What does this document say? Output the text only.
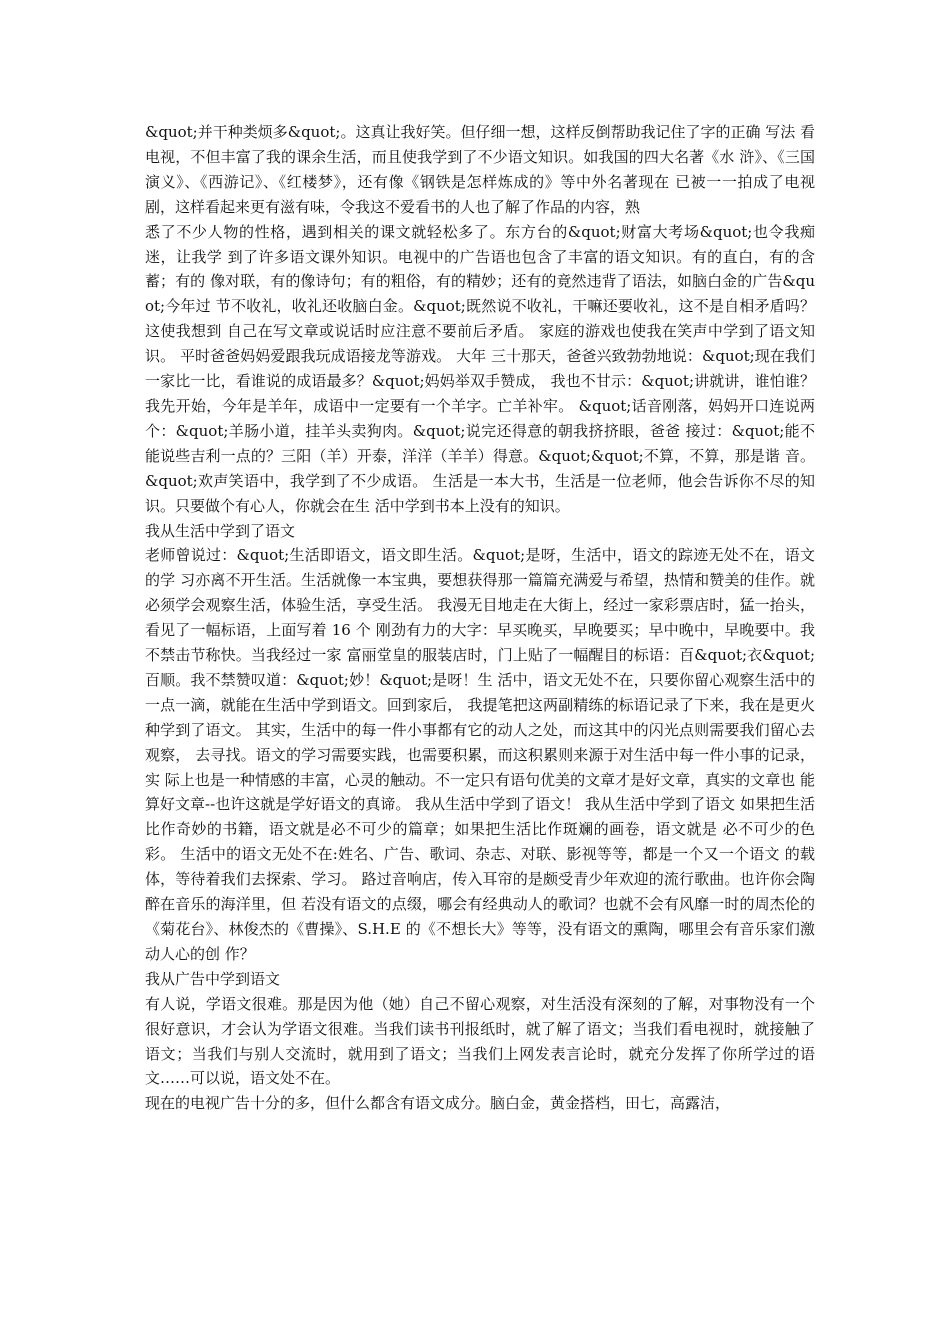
&quot;并干种类烦多&quot;。这真让我好笑。但仔细一想，这样反倒帮助我记住了字的正确 写法 看电视，不但丰富了我的课余生活，而且使我学到了不少语文知识。如我国的四大名著《水 浒》、《三国演义》、《西游记》、《红楼梦》，还有像《钢铁是怎样炼成的》等中外名著现在 已被一一拍成了电视剧，这样看起来更有滋有味，令我这不爱看书的人也了解了作品的内容，熟

悉了不少人物的性格，遇到相关的课文就轻松多了。东方台的&quot;财富大考场&quot;也令我痴迷，让我学 到了许多语文课外知识。电视中的广告语也包含了丰富的语文知识。有的直白，有的含蓄；有的 像对联，有的像诗句；有的粗俗，有的精妙；还有的竟然违背了语法，如脑白金的广告&quot;今年过 节不收礼，收礼还收脑白金。&quot;既然说不收礼，干嘛还要收礼，这不是自相矛盾吗？这使我想到 自己在写文章或说话时应注意不要前后矛盾。 家庭的游戏也使我在笑声中学到了语文知识。 平时爸爸妈妈爱跟我玩成语接龙等游戏。 大年 三十那天，爸爸兴致勃勃地说：&quot;现在我们一家比一比，看谁说的成语最多？&quot;妈妈举双手赞成， 我也不甘示：&quot;讲就讲，谁怕谁？我先开始，今年是羊年，成语中一定要有一个羊字。亡羊补牢。 &quot;话音刚落，妈妈开口连说两个：&quot;羊肠小道，挂羊头卖狗肉。&quot;说完还得意的朝我挤挤眼，爸爸 接过：&quot;能不能说些吉利一点的？三阳（羊）开泰，洋洋（羊羊）得意。&quot;&quot;不算，不算，那是谐 音。&quot;欢声笑语中，我学到了不少成语。 生活是一本大书，生活是一位老师，他会告诉你不尽的知识。只要做个有心人，你就会在生 活中学到书本上没有的知识。

我从生活中学到了语文

老师曾说过：&quot;生活即语文，语文即生活。&quot;是呀，生活中，语文的踪迹无处不在，语文的学 习亦离不开生活。生活就像一本宝典，要想获得那一篇篇充满爱与希望，热情和赞美的佳作。就 必须学会观察生活，体验生活，享受生活。 我漫无目地走在大街上，经过一家彩票店时，猛一抬头，看见了一幅标语，上面写着 16 个 刚劲有力的大字：早买晚买，早晚要买；早中晚中，早晚要中。我不禁击节称快。当我经过一家 富丽堂皇的服装店时，门上贴了一幅醒目的标语：百&quot;衣&quot;百顺。我不禁赞叹道：&quot;妙！&quot;是呀！生 活中，语文无处不在，只要你留心观察生活中的一点一滴，就能在生活中学到语文。回到家后， 我提笔把这两副精练的标语记录了下来，我在是更火种学到了语文。 其实，生活中的每一件小事都有它的动人之处，而这其中的闪光点则需要我们留心去观察， 去寻找。语文的学习需要实践，也需要积累，而这积累则来源于对生活中每一件小事的记录，实 际上也是一种情感的丰富，心灵的触动。不一定只有语句优美的文章才是好文章，真实的文章也 能算好文章--也许这就是学好语文的真谛。 我从生活中学到了语文！ 我从生活中学到了语文 如果把生活比作奇妙的书籍，语文就是必不可少的篇章；如果把生活比作斑斓的画卷，语文就是 必不可少的色彩。 生活中的语文无处不在:姓名、广告、歌词、杂志、对联、影视等等，都是一个又一个语文 的载体，等待着我们去探索、学习。 路过音响店，传入耳帘的是颇受青少年欢迎的流行歌曲。也许你会陶醉在音乐的海洋里，但 若没有语文的点缀，哪会有经典动人的歌词？也就不会有风靡一时的周杰伦的《菊花台》、林俊杰的《曹操》、S.H.E 的《不想长大》等等，没有语文的熏陶，哪里会有音乐家们激动人心的创 作？

我从广告中学到语文

有人说，学语文很难。那是因为他（她）自己不留心观察，对生活没有深刻的了解，对事物没有一个很好意识，才会认为学语文很难。当我们读书刊报纸时，就了解了语文；当我们看电视时，就接触了语文；当我们与别人交流时，就用到了语文；当我们上网发表言论时，就充分发挥了你所学过的语文……可以说，语文处不在。

现在的电视广告十分的多，但什么都含有语文成分。脑白金，黄金搭档，田七，高露洁，
